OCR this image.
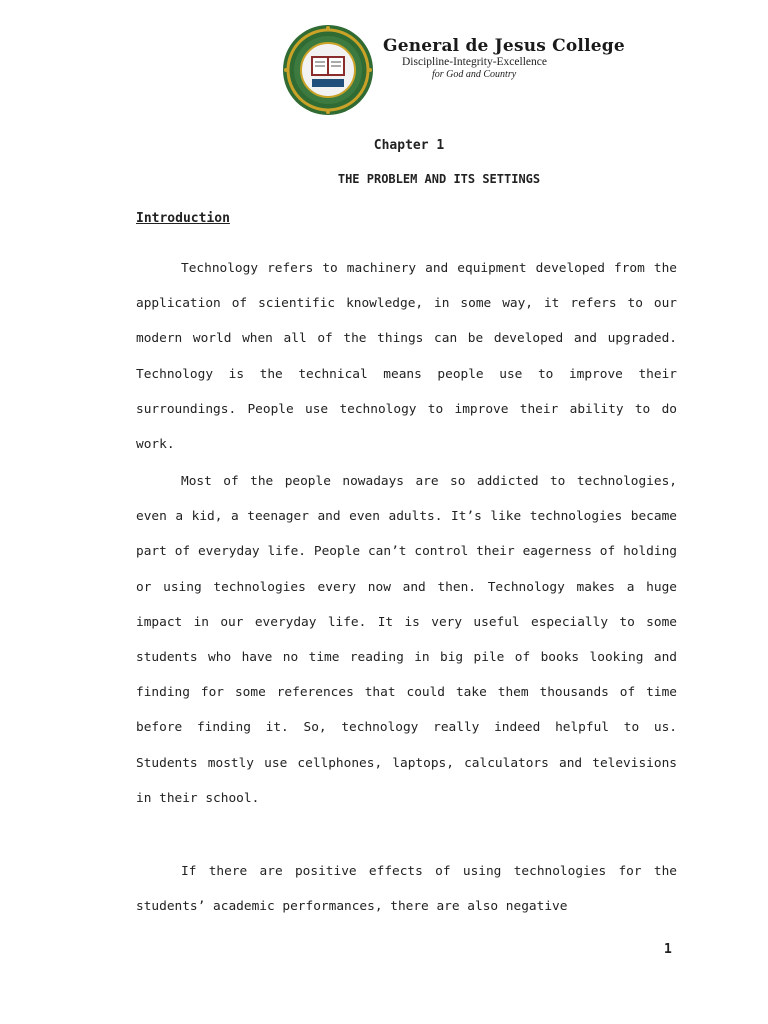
General de Jesus College
Discipline-Integrity-Excellence
for God and Country
Chapter 1
THE PROBLEM AND ITS SETTINGS
Introduction

Technology refers to machinery and equipment developed from the application of scientific knowledge, in some way, it refers to our modern world when all of the things can be developed and upgraded. Technology is the technical means people use to improve their surroundings. People use technology to improve their ability to do work.

Most of the people nowadays are so addicted to technologies, even a kid, a teenager and even adults. It’s like technologies became part of everyday life. People can’t control their eagerness of holding or using technologies every now and then. Technology makes a huge impact in our everyday life. It is very useful especially to some students who have no time reading in big pile of books looking and finding for some references that could take them thousands of time before finding it. So, technology really indeed helpful to us. Students mostly use cellphones, laptops, calculators and televisions in their school.

If there are positive effects of using technologies for the students’ academic performances, there are also negative

1
